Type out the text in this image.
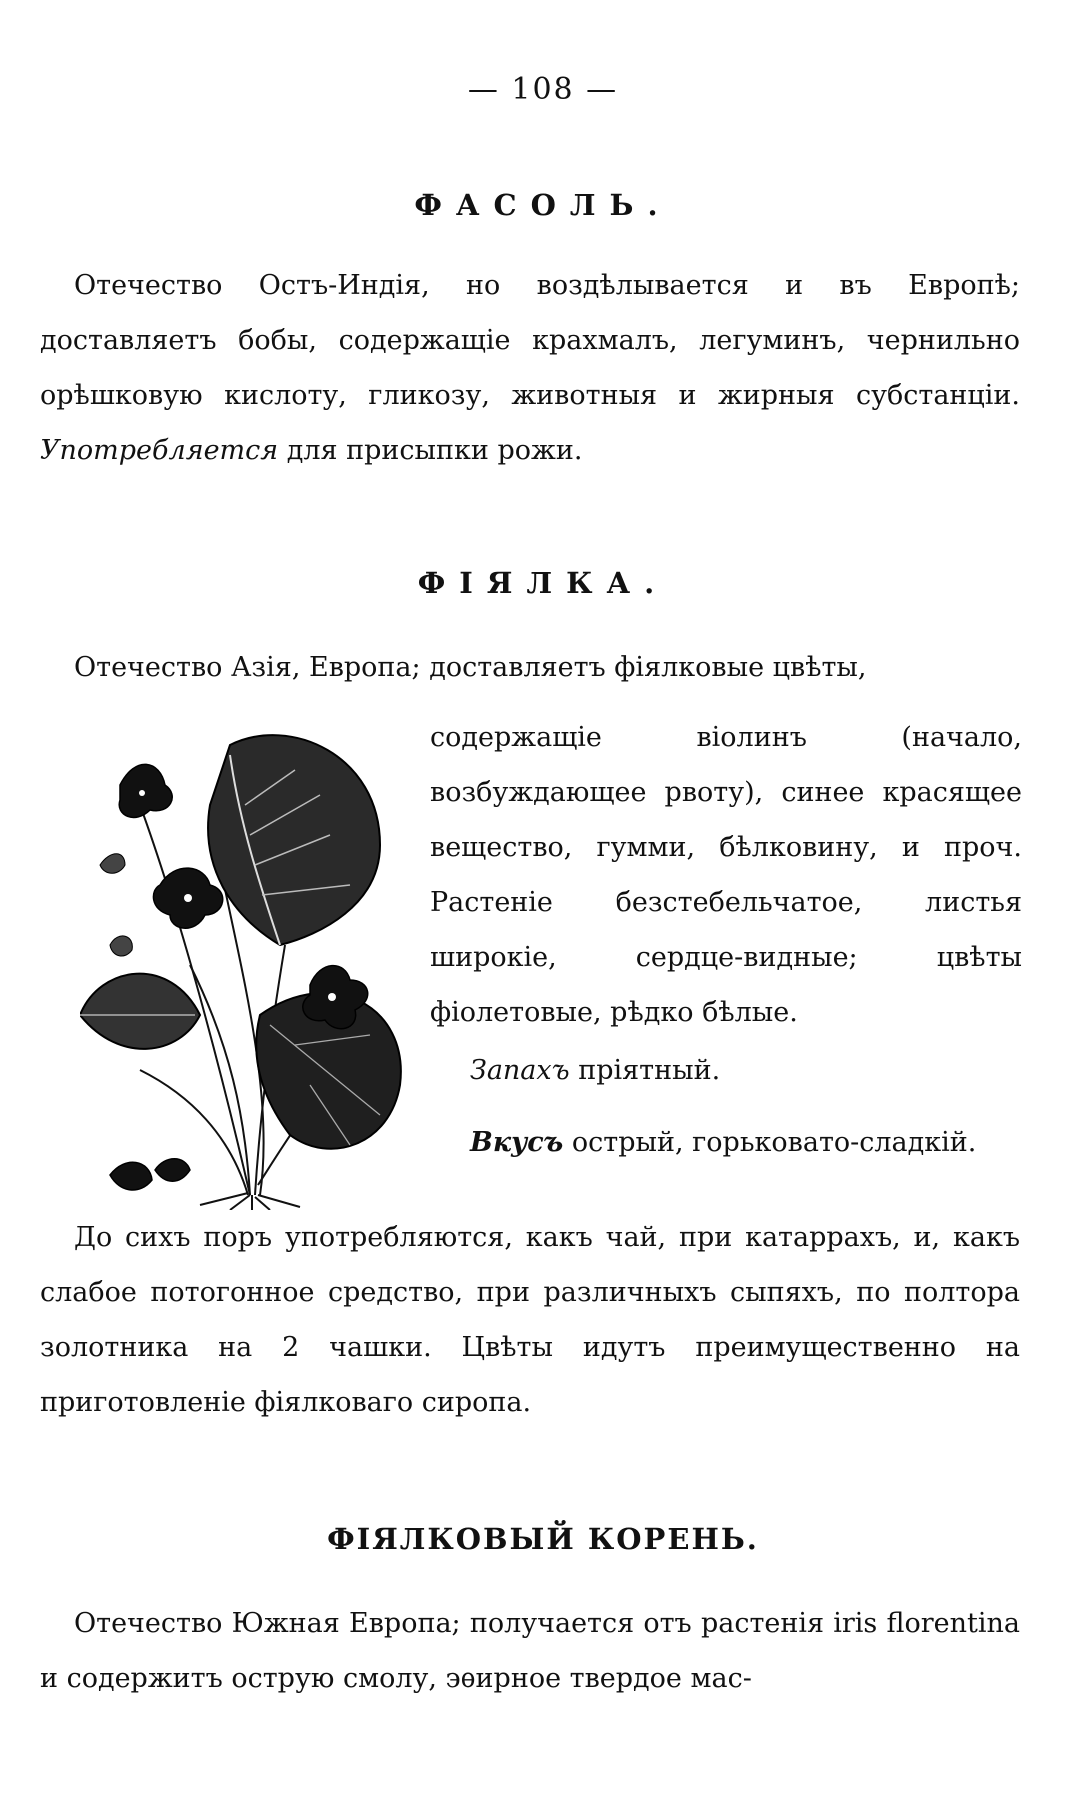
— 108 —
ФАСОЛЬ.

Отечество Остъ-Индія, но воздѣлывается и въ Европѣ; доставляетъ бобы, содержащіе крахмалъ, легуминъ, чернильно орѣшковую кислоту, гликозу, животныя и жирныя субстанціи. Употребляется для присыпки рожи.

ФІЯЛКА.

Отечество Азія, Европа; доставляетъ фіялковые цвѣты,

содержащіе віолинъ (начало, возбуждающее рвоту), синее красящее вещество, гумми, бѣлковину, и проч. Растеніе безстебельчатое, листья широкіе, сердце-видные; цвѣты фіолетовые, рѣдко бѣлые.

Запахъ пріятный.
Вкусъ острый, горьковато-сладкій.

До сихъ поръ употребляются, какъ чай, при катаррахъ, и, какъ слабое потогонное средство, при различныхъ сыпяхъ, по полтора золотника на 2 чашки. Цвѣты идутъ преимущественно на приготовленіе фіялковаго сиропа.

ФІЯЛКОВЫЙ КОРЕНЬ.

Отечество Южная Европа; получается отъ растенія iris florentina и содержитъ острую смолу, эѳирное твердое мас-
